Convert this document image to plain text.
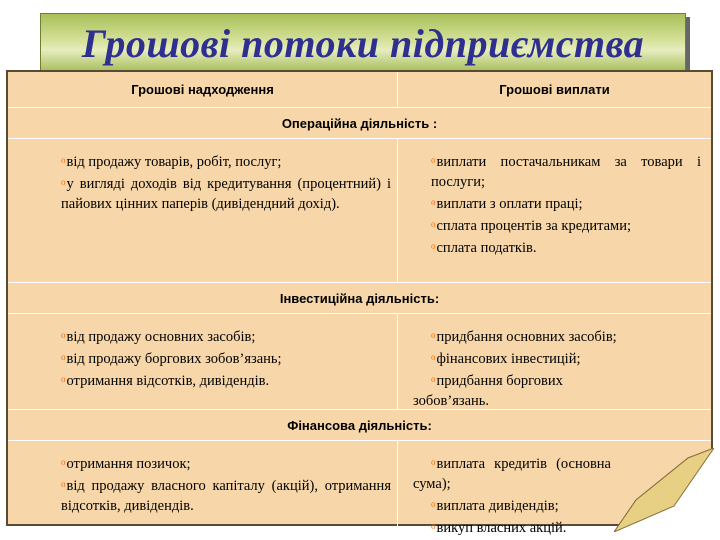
Грошові потоки підприємства
Грошові надходження	Грошові виплати
Операційна діяльність :
$^o$від продажу товарів, робіт, послуг;
$^o$у вигляді доходів від кредитування (процентний) і пайових цінних паперів (дивідендний дохід).
$^o$виплати постачальникам за товари і послуги;
$^o$виплати з оплати праці;
$^o$сплата процентів за кредитами;
$^o$сплата податків.
Інвестиційна діяльність:
$^o$від продажу основних засобів;
$^o$від продажу боргових зобов’язань;
$^o$отримання відсотків, дивідендів.
$^o$придбання основних засобів;
$^o$фінансових інвестицій;
$^o$придбання боргових зобов’язань.
Фінансова діяльність:
$^o$отримання позичок;
$^o$від продажу власного капіталу (акцій), отримання відсотків, дивідендів.
$^o$виплата кредитів (основна сума);
$^o$виплата дивідендів;
$^o$викуп власних акцій.
